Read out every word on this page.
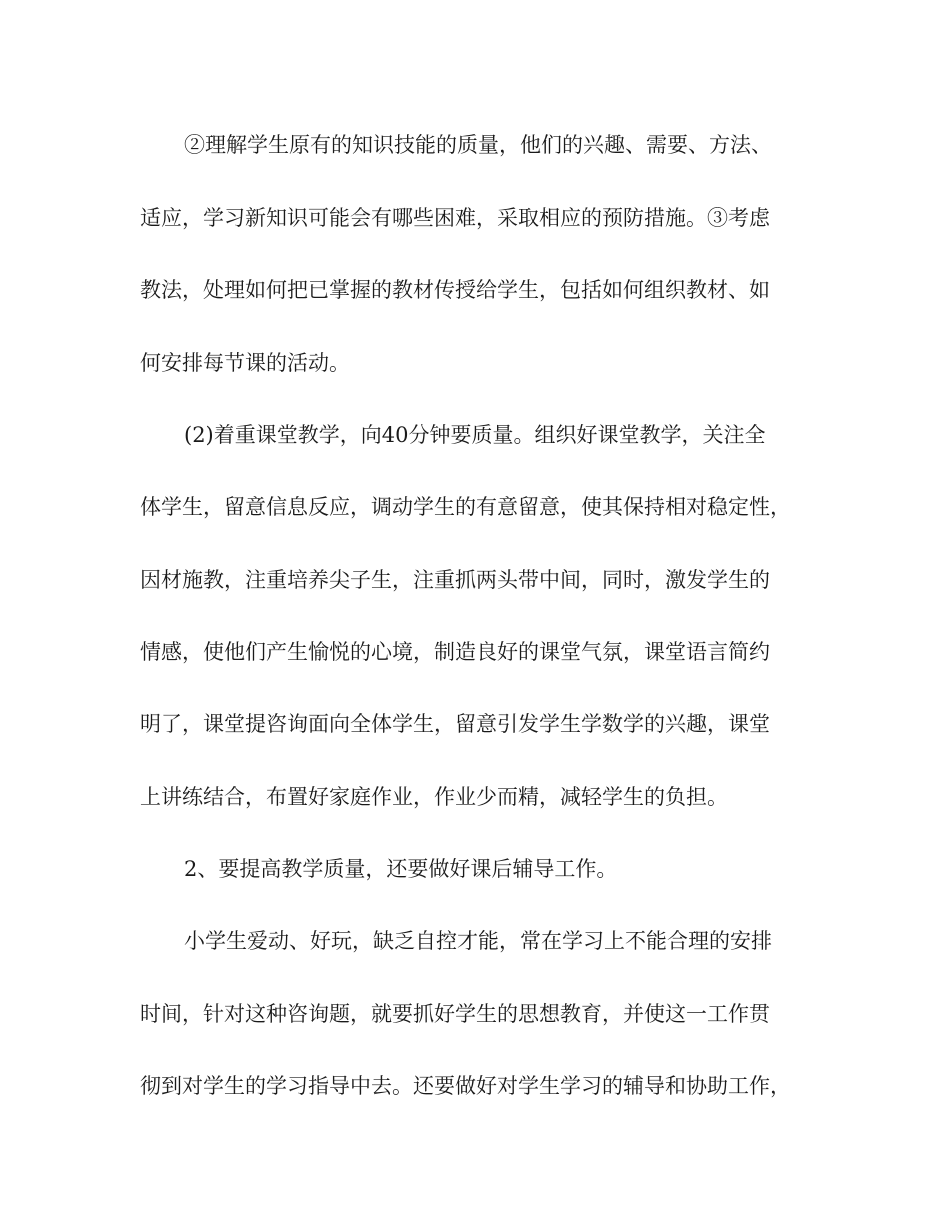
②理解学生原有的知识技能的质量，他们的兴趣、需要、方法、
适应，学习新知识可能会有哪些困难，采取相应的预防措施。③考虑
教法，处理如何把已掌握的教材传授给学生，包括如何组织教材、如
何安排每节课的活动。
(2)着重课堂教学，向40分钟要质量。组织好课堂教学，关注全
体学生，留意信息反应，调动学生的有意留意，使其保持相对稳定性，
因材施教，注重培养尖子生，注重抓两头带中间，同时，激发学生的
情感，使他们产生愉悦的心境，制造良好的课堂气氛，课堂语言简约
明了，课堂提咨询面向全体学生，留意引发学生学数学的兴趣，课堂
上讲练结合，布置好家庭作业，作业少而精，减轻学生的负担。
2、要提高教学质量，还要做好课后辅导工作。
小学生爱动、好玩，缺乏自控才能，常在学习上不能合理的安排
时间，针对这种咨询题，就要抓好学生的思想教育，并使这一工作贯
彻到对学生的学习指导中去。还要做好对学生学习的辅导和协助工作，
